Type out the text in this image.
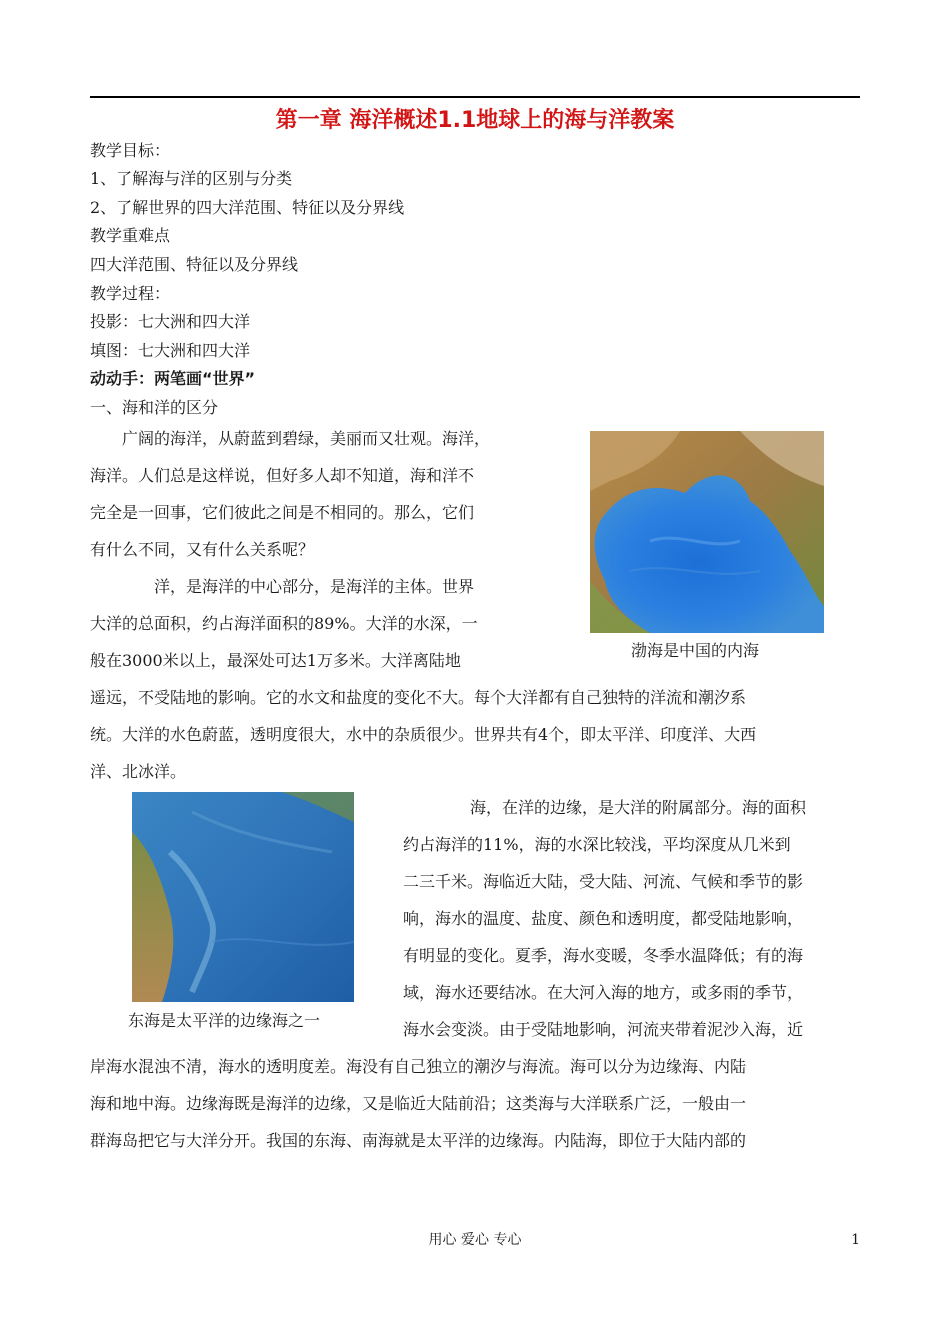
第一章 海洋概述1.1地球上的海与洋教案
教学目标：
1、了解海与洋的区别与分类
2、了解世界的四大洋范围、特征以及分界线
教学重难点
四大洋范围、特征以及分界线
教学过程：
投影：七大洲和四大洋
填图：七大洲和四大洋
动动手：两笔画“世界”
一、海和洋的区分
广阔的海洋，从蔚蓝到碧绿，美丽而又壮观。海洋，
海洋。人们总是这样说，但好多人却不知道，海和洋不
完全是一回事，它们彼此之间是不相同的。那么，它们
有什么不同，又有什么关系呢？
洋，是海洋的中心部分，是海洋的主体。世界
大洋的总面积，约占海洋面积的89%。大洋的水深，一
般在3000米以上，最深处可达1万多米。大洋离陆地
遥远，不受陆地的影响。它的水文和盐度的变化不大。每个大洋都有自己独特的洋流和潮汐系
统。大洋的水色蔚蓝，透明度很大，水中的杂质很少。世界共有4个，即太平洋、印度洋、大西
洋、北冰洋。
渤海是中国的内海
东海是太平洋的边缘海之一
海，在洋的边缘，是大洋的附属部分。海的面积
约占海洋的11%，海的水深比较浅，平均深度从几米到
二三千米。海临近大陆，受大陆、河流、气候和季节的影
响，海水的温度、盐度、颜色和透明度，都受陆地影响，
有明显的变化。夏季，海水变暖，冬季水温降低；有的海
域，海水还要结冰。在大河入海的地方，或多雨的季节，
海水会变淡。由于受陆地影响，河流夹带着泥沙入海，近
岸海水混浊不清，海水的透明度差。海没有自己独立的潮汐与海流。海可以分为边缘海、内陆
海和地中海。边缘海既是海洋的边缘，又是临近大陆前沿；这类海与大洋联系广泛，一般由一
群海岛把它与大洋分开。我国的东海、南海就是太平洋的边缘海。内陆海，即位于大陆内部的
用心 爱心 专心	1
